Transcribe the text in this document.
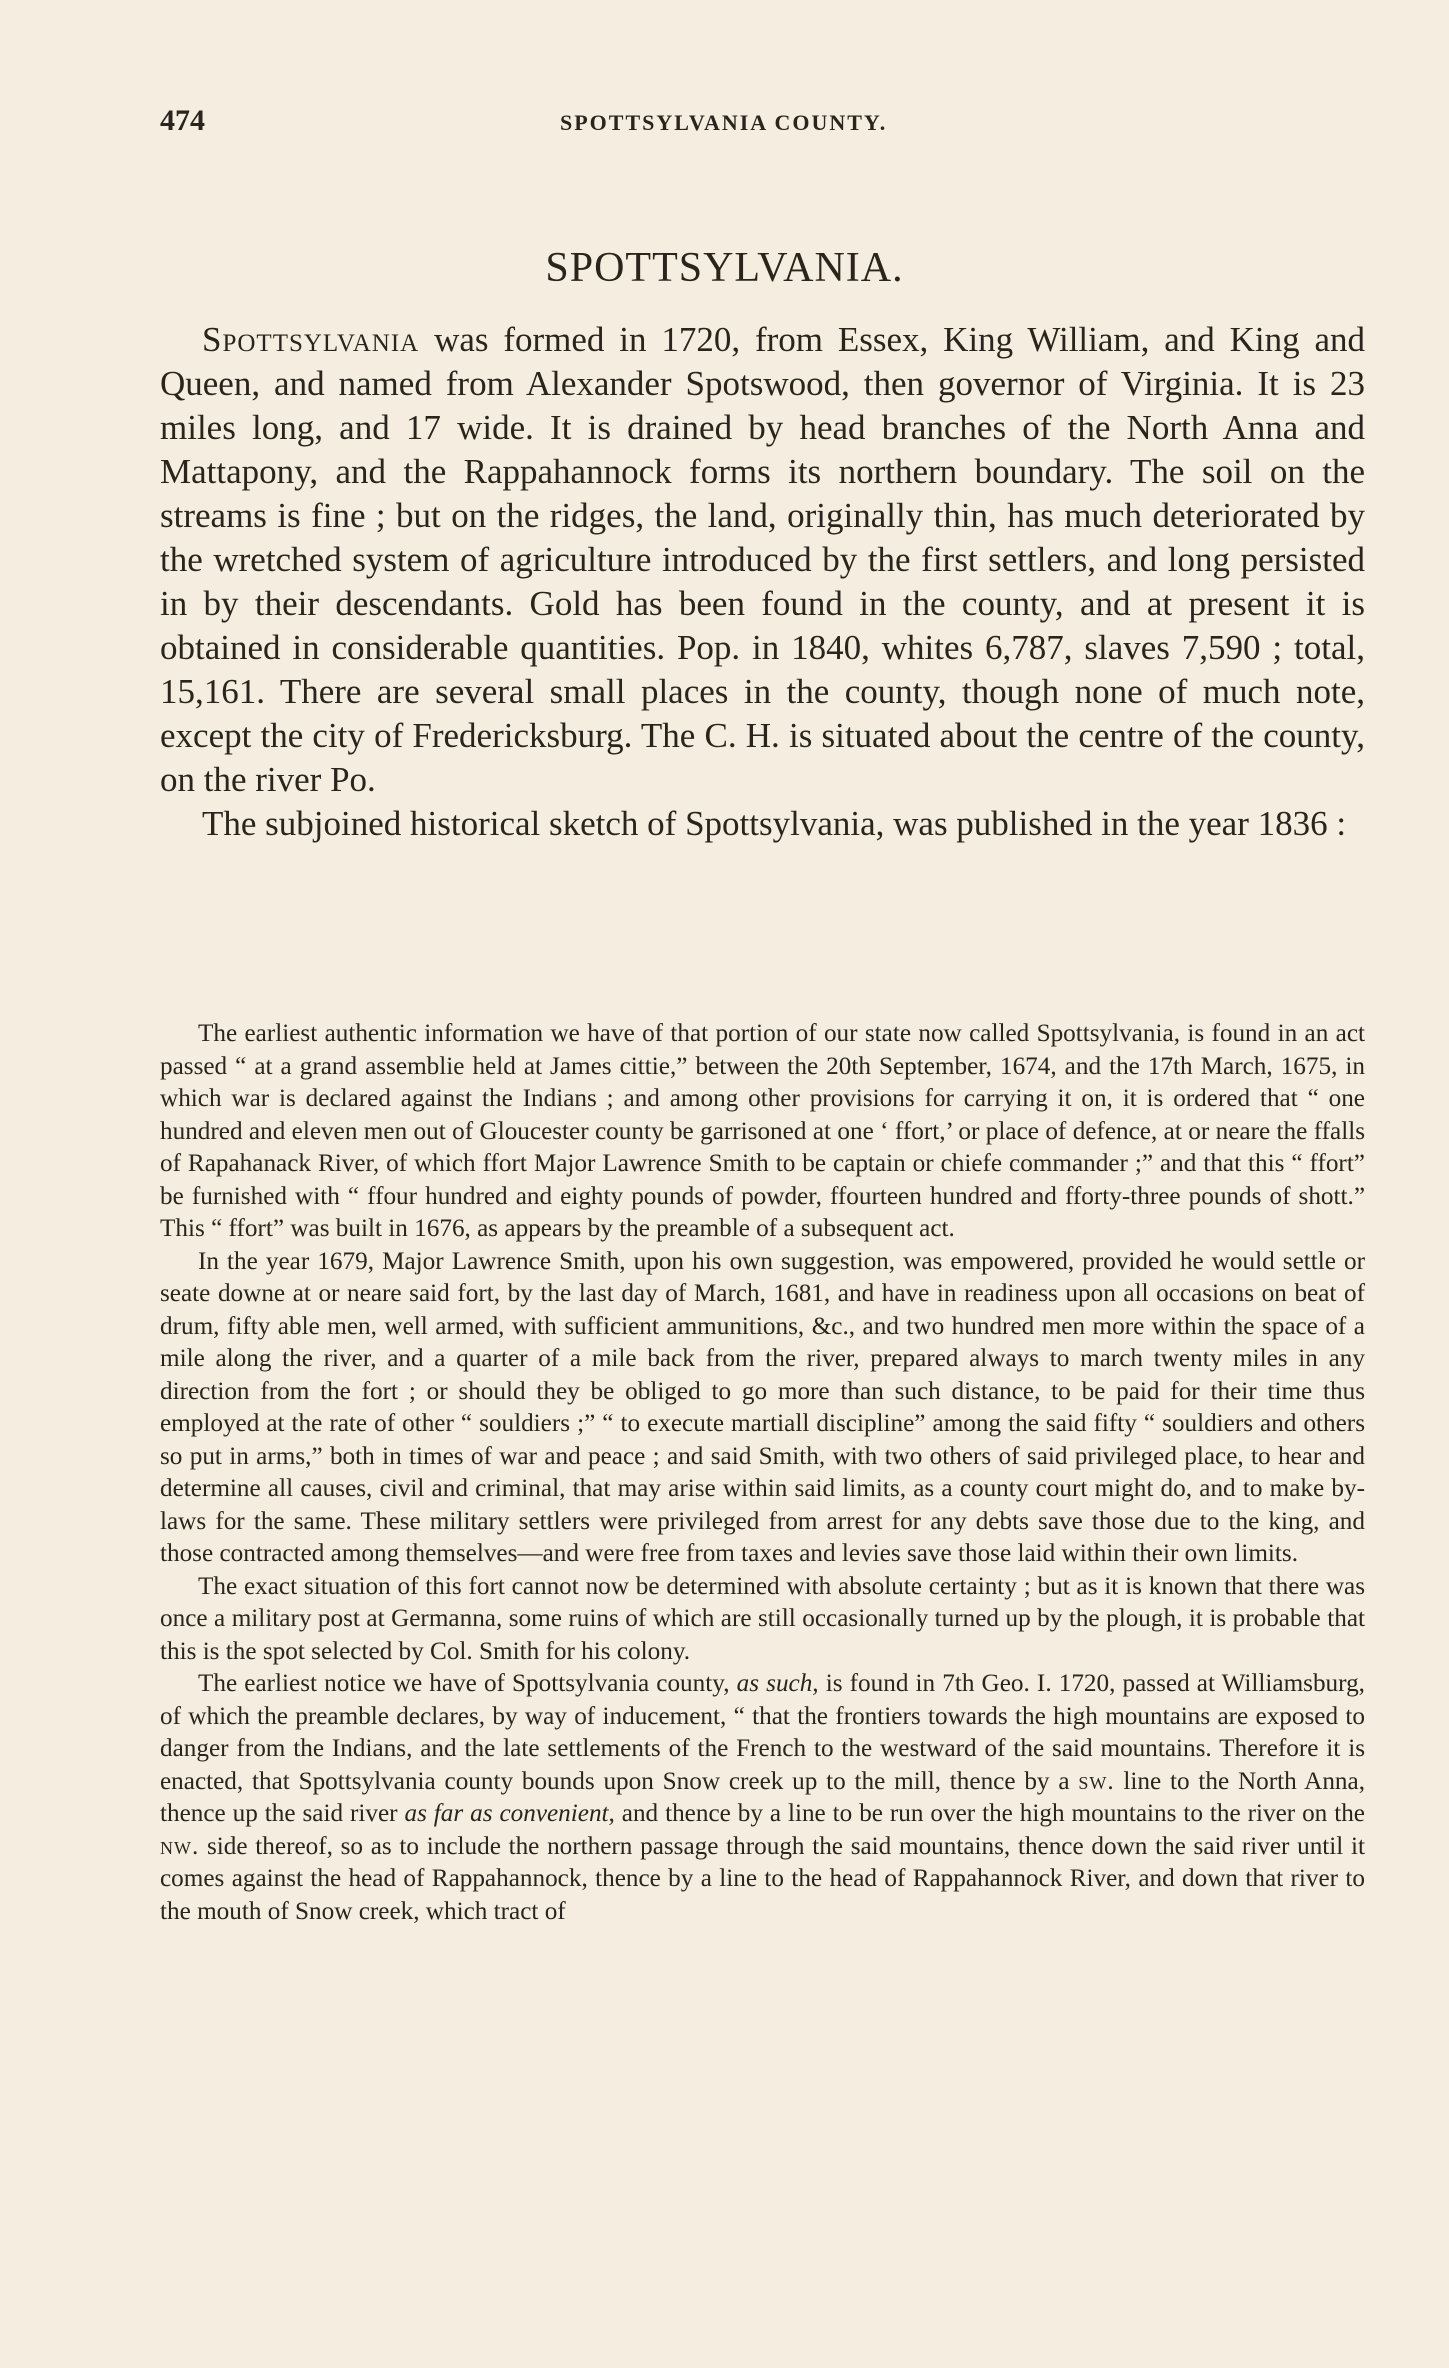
474	SPOTTSYLVANIA COUNTY.
SPOTTSYLVANIA.

Spottsylvania was formed in 1720, from Essex, King William, and King and Queen, and named from Alexander Spotswood, then governor of Virginia. It is 23 miles long, and 17 wide. It is drained by head branches of the North Anna and Mattapony, and the Rappahannock forms its northern boundary. The soil on the streams is fine ; but on the ridges, the land, originally thin, has much deteriorated by the wretched system of agriculture introduced by the first settlers, and long persisted in by their descendants. Gold has been found in the county, and at present it is obtained in considerable quantities. Pop. in 1840, whites 6,787, slaves 7,590 ; total, 15,161. There are several small places in the county, though none of much note, except the city of Fredericksburg. The C. H. is situated about the centre of the county, on the river Po.

The subjoined historical sketch of Spottsylvania, was published in the year 1836 :

The earliest authentic information we have of that portion of our state now called Spottsylvania, is found in an act passed “ at a grand assemblie held at James cittie,” between the 20th September, 1674, and the 17th March, 1675, in which war is declared against the Indians ; and among other provisions for carrying it on, it is ordered that “ one hundred and eleven men out of Gloucester county be garrisoned at one ‘ ffort,’ or place of defence, at or neare the ffalls of Rapahanack River, of which ffort Major Lawrence Smith to be captain or chiefe commander ;” and that this “ ffort” be furnished with “ ffour hundred and eighty pounds of powder, ffourteen hundred and fforty-three pounds of shott.” This “ ffort” was built in 1676, as appears by the preamble of a subsequent act.

In the year 1679, Major Lawrence Smith, upon his own suggestion, was empowered, provided he would settle or seate downe at or neare said fort, by the last day of March, 1681, and have in readiness upon all occasions on beat of drum, fifty able men, well armed, with sufficient ammunitions, &c., and two hundred men more within the space of a mile along the river, and a quarter of a mile back from the river, prepared always to march twenty miles in any direction from the fort ; or should they be obliged to go more than such distance, to be paid for their time thus employed at the rate of other “ souldiers ;” “ to execute martiall discipline” among the said fifty “ souldiers and others so put in arms,” both in times of war and peace ; and said Smith, with two others of said privileged place, to hear and determine all causes, civil and criminal, that may arise within said limits, as a county court might do, and to make by-laws for the same. These military settlers were privileged from arrest for any debts save those due to the king, and those contracted among themselves—and were free from taxes and levies save those laid within their own limits.

The exact situation of this fort cannot now be determined with absolute certainty ; but as it is known that there was once a military post at Germanna, some ruins of which are still occasionally turned up by the plough, it is probable that this is the spot selected by Col. Smith for his colony.

The earliest notice we have of Spottsylvania county, as such, is found in 7th Geo. I. 1720, passed at Williamsburg, of which the preamble declares, by way of inducement, “ that the frontiers towards the high mountains are exposed to danger from the Indians, and the late settlements of the French to the westward of the said mountains. Therefore it is enacted, that Spottsylvania county bounds upon Snow creek up to the mill, thence by a sw. line to the North Anna, thence up the said river as far as convenient, and thence by a line to be run over the high mountains to the river on the nw. side thereof, so as to include the northern passage through the said mountains, thence down the said river until it comes against the head of Rappahannock, thence by a line to the head of Rappahannock River, and down that river to the mouth of Snow creek, which tract of
